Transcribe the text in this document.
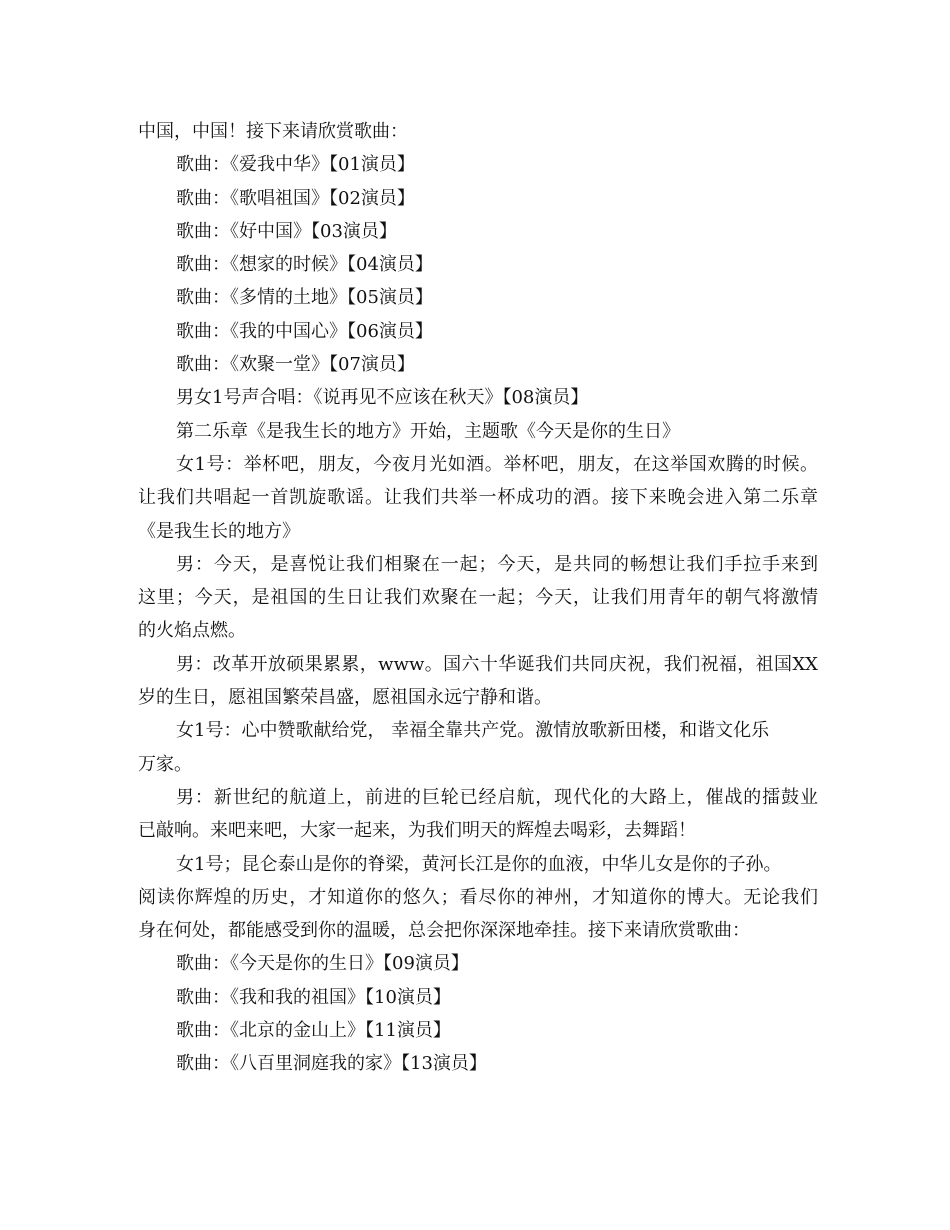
中国，中国！接下来请欣赏歌曲：
歌曲：《爱我中华》【01演员】
歌曲：《歌唱祖国》【02演员】
歌曲：《好中国》【03演员】
歌曲：《想家的时候》【04演员】
歌曲：《多情的土地》【05演员】
歌曲：《我的中国心》【06演员】
歌曲：《欢聚一堂》【07演员】
男女1号声合唱：《说再见不应该在秋天》【08演员】
第二乐章《是我生长的地方》开始，主题歌《今天是你的生日》
女1号：举杯吧，朋友，今夜月光如酒。举杯吧，朋友，在这举国欢腾的时候。
让我们共唱起一首凯旋歌谣。让我们共举一杯成功的酒。接下来晚会进入第二乐章
《是我生长的地方》
男：今天，是喜悦让我们相聚在一起；今天，是共同的畅想让我们手拉手来到
这里；今天，是祖国的生日让我们欢聚在一起；今天，让我们用青年的朝气将激情
的火焰点燃。
男：改革开放硕果累累，www。国六十华诞我们共同庆祝，我们祝福，祖国XX
岁的生日，愿祖国繁荣昌盛，愿祖国永远宁静和谐。
女1号：心中赞歌献给党， 幸福全靠共产党。激情放歌新田楼，和谐文化乐
万家。
男：新世纪的航道上，前进的巨轮已经启航，现代化的大路上，催战的擂鼓业
已敲响。来吧来吧，大家一起来，为我们明天的辉煌去喝彩，去舞蹈！
女1号；昆仑泰山是你的脊梁，黄河长江是你的血液，中华儿女是你的子孙。
阅读你辉煌的历史，才知道你的悠久；看尽你的神州，才知道你的博大。无论我们
身在何处，都能感受到你的温暖，总会把你深深地牵挂。接下来请欣赏歌曲：
歌曲：《今天是你的生日》【09演员】
歌曲：《我和我的祖国》【10演员】
歌曲：《北京的金山上》【11演员】
歌曲：《八百里洞庭我的家》【13演员】
